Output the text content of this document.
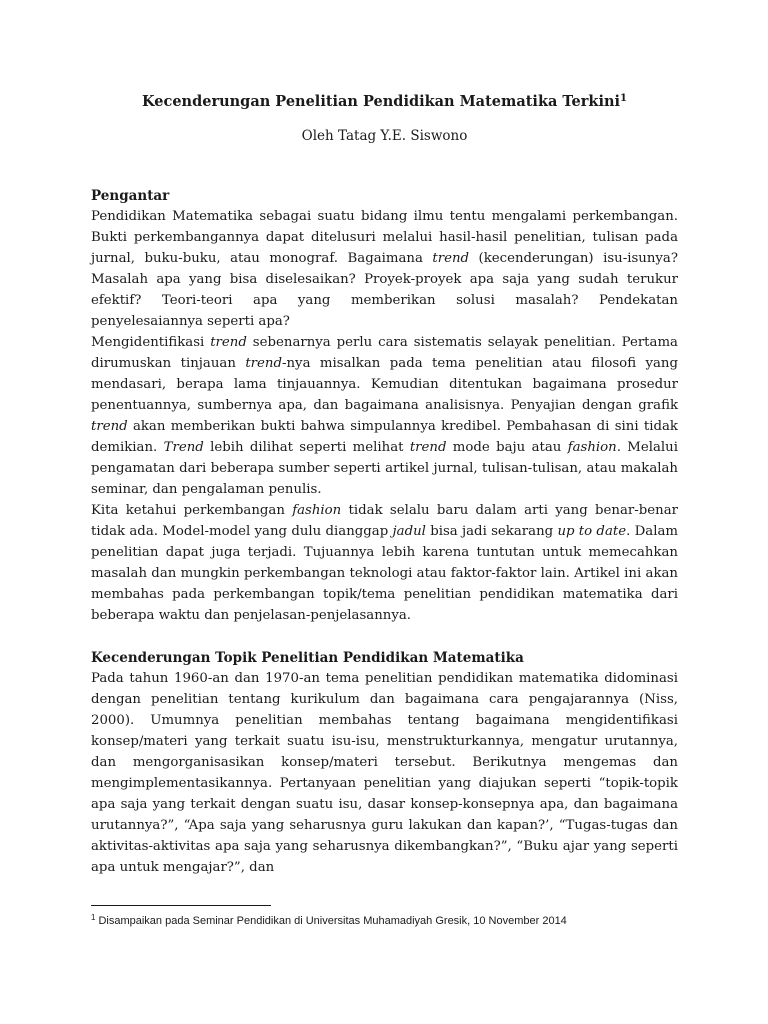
Kecenderungan Penelitian Pendidikan Matematika Terkini$^1$
Oleh Tatag Y.E. Siswono
Pengantar

Pendidikan Matematika sebagai suatu bidang ilmu tentu mengalami perkembangan. Bukti perkembangannya dapat ditelusuri melalui hasil-hasil penelitian, tulisan pada jurnal, buku-buku, atau monograf. Bagaimana trend (kecenderungan) isu-isunya? Masalah apa yang bisa diselesaikan? Proyek-proyek apa saja yang sudah terukur efektif? Teori-teori apa yang memberikan solusi masalah? Pendekatan penyelesaiannya seperti apa?

Mengidentifikasi trend sebenarnya perlu cara sistematis selayak penelitian. Pertama dirumuskan tinjauan trend-nya misalkan pada tema penelitian atau filosofi yang mendasari, berapa lama tinjauannya. Kemudian ditentukan bagaimana prosedur penentuannya, sumbernya apa, dan bagaimana analisisnya. Penyajian dengan grafik trend akan memberikan bukti bahwa simpulannya kredibel. Pembahasan di sini tidak demikian. Trend lebih dilihat seperti melihat trend mode baju atau fashion. Melalui pengamatan dari beberapa sumber seperti artikel jurnal, tulisan-tulisan, atau makalah seminar, dan pengalaman penulis.

Kita ketahui perkembangan fashion tidak selalu baru dalam arti yang benar-benar tidak ada. Model-model yang dulu dianggap jadul bisa jadi sekarang up to date. Dalam penelitian dapat juga terjadi. Tujuannya lebih karena tuntutan untuk memecahkan masalah dan mungkin perkembangan teknologi atau faktor-faktor lain. Artikel ini akan membahas pada perkembangan topik/tema penelitian pendidikan matematika dari beberapa waktu dan penjelasan-penjelasannya.

Kecenderungan Topik Penelitian Pendidikan Matematika

Pada tahun 1960-an dan 1970-an tema penelitian pendidikan matematika didominasi dengan penelitian tentang kurikulum dan bagaimana cara pengajarannya (Niss, 2000). Umumnya penelitian membahas tentang bagaimana mengidentifikasi konsep/materi yang terkait suatu isu-isu, menstrukturkannya, mengatur urutannya, dan mengorganisasikan konsep/materi tersebut. Berikutnya mengemas dan mengimplementasikannya. Pertanyaan penelitian yang diajukan seperti “topik-topik apa saja yang terkait dengan suatu isu, dasar konsep-konsepnya apa, dan bagaimana urutannya?”, “Apa saja yang seharusnya guru lakukan dan kapan?’, “Tugas-tugas dan aktivitas-aktivitas apa saja yang seharusnya dikembangkan?”, “Buku ajar yang seperti apa untuk mengajar?”, dan

$^1$ Disampaikan pada Seminar Pendidikan di Universitas Muhamadiyah Gresik, 10 November 2014
